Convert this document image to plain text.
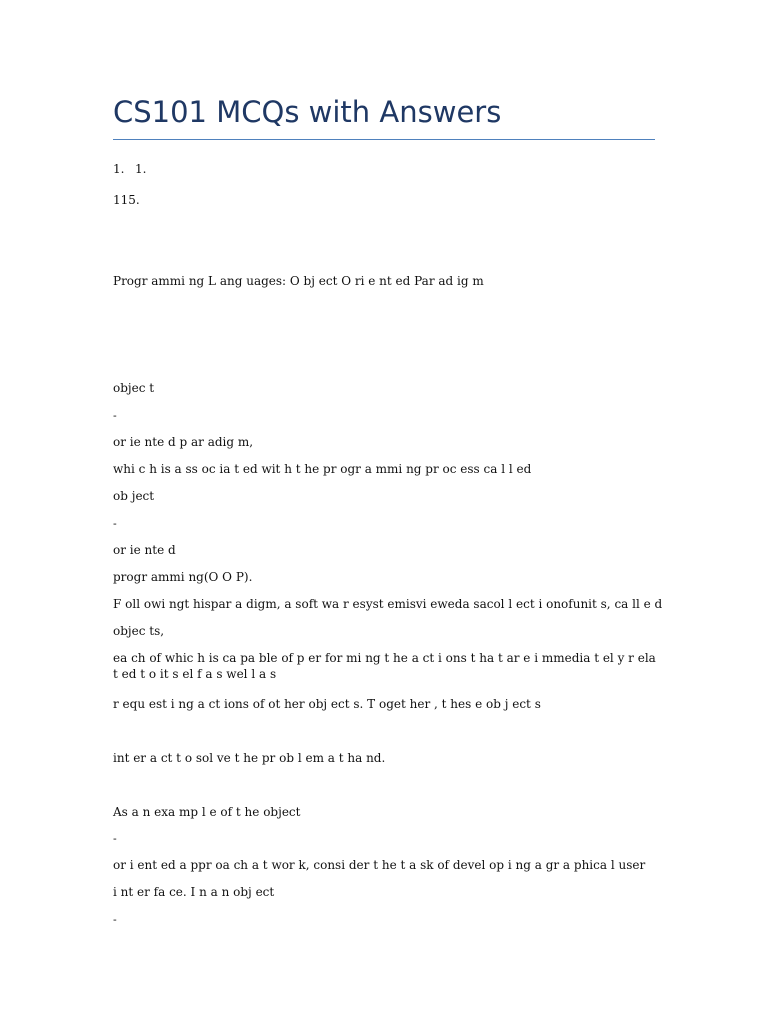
CS101 MCQs with Answers
1. 1.
115.
Progr ammi ng L ang uages: O bj ect O ri e nt ed Par ad ig m
objec t
-
or ie nte d p ar adig m,
whi c h is a ss oc ia t ed wit h t he pr ogr a mmi ng pr oc ess ca l l ed
ob ject
-
or ie nte d
progr ammi ng(O O P).
F oll owi ngt hispar a digm, a soft wa r esyst emisvi eweda sacol l ect i onofunit s, ca ll e d
objec ts,
ea ch of whic h is ca pa ble of p er for mi ng t he a ct i ons t ha t ar e i mmedia t el y r ela t ed t o it s el f a s wel l a s
r equ est i ng a ct ions of ot her obj ect s. T oget her , t hes e ob j ect s
int er a ct t o sol ve t he pr ob l em a t ha nd.
As a n exa mp l e of t he object
-
or i ent ed a ppr oa ch a t wor k, consi der t he t a sk of devel op i ng a gr a phica l user
i nt er fa ce. I n a n obj ect
-
